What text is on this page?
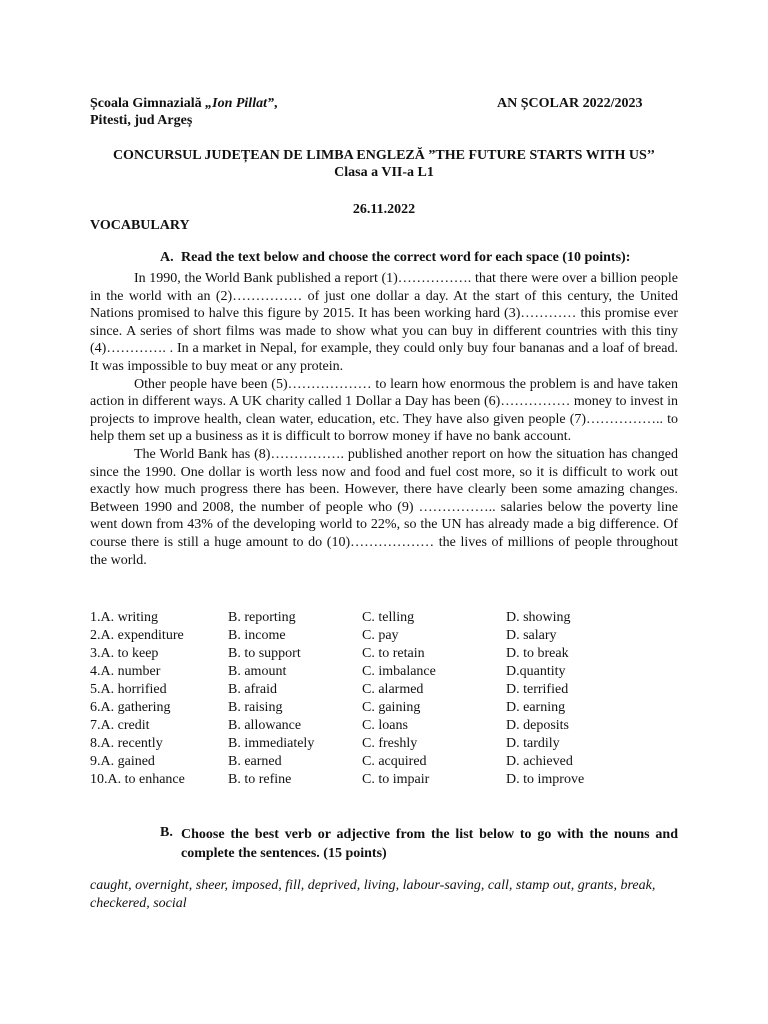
Școala Gimnazială „Ion Pillat”,	AN ȘCOLAR 2022/2023
Pitesti, jud Argeș
CONCURSUL JUDEȚEAN DE LIMBA ENGLEZĂ ”THE FUTURE STARTS WITH US’’
Clasa a VII-a L1
26.11.2022
VOCABULARY
A. Read the text below and choose the correct word for each space (10 points):

In 1990, the World Bank published a report (1)……………. that there were over a billion people in the world with an (2)…………… of just one dollar a day. At the start of this century, the United Nations promised to halve this figure by 2015. It has been working hard (3)………… this promise ever since. A series of short films was made to show what you can buy in different countries with this tiny (4)…………. . In a market in Nepal, for example, they could only buy four bananas and a loaf of bread. It was impossible to buy meat or any protein.

Other people have been (5)……………… to learn how enormous the problem is and have taken action in different ways. A UK charity called 1 Dollar a Day has been (6)…………… money to invest in projects to improve health, clean water, education, etc. They have also given people (7)…………….. to help them set up a business as it is difficult to borrow money if have no bank account.

The World Bank has (8)……………. published another report on how the situation has changed since the 1990. One dollar is worth less now and food and fuel cost more, so it is difficult to work out exactly how much progress there has been. However, there have clearly been some amazing changes. Between 1990 and 2008, the number of people who (9) …………….. salaries below the poverty line went down from 43% of the developing world to 22%, so the UN has already made a big difference. Of course there is still a huge amount to do (10)……………… the lives of millions of people throughout the world.

1.A. writing	B. reporting	C. telling	D. showing
2.A. expenditure	B. income	C. pay	D. salary
3.A. to keep	B. to support	C. to retain	D. to break
4.A. number	B. amount	C. imbalance	D.quantity
5.A. horrified	B. afraid	C. alarmed	D. terrified
6.A. gathering	B. raising	C. gaining	D. earning
7.A. credit	B. allowance	C. loans	D. deposits
8.A. recently	B. immediately	C. freshly	D. tardily
9.A. gained	B. earned	C. acquired	D. achieved
10.A. to enhance	B. to refine	C. to impair	D. to improve
B. Choose the best verb or adjective from the list below to go with the nouns and complete the sentences. (15 points)
caught, overnight, sheer, imposed, fill, deprived, living, labour-saving, call, stamp out, grants, break, checkered, social
